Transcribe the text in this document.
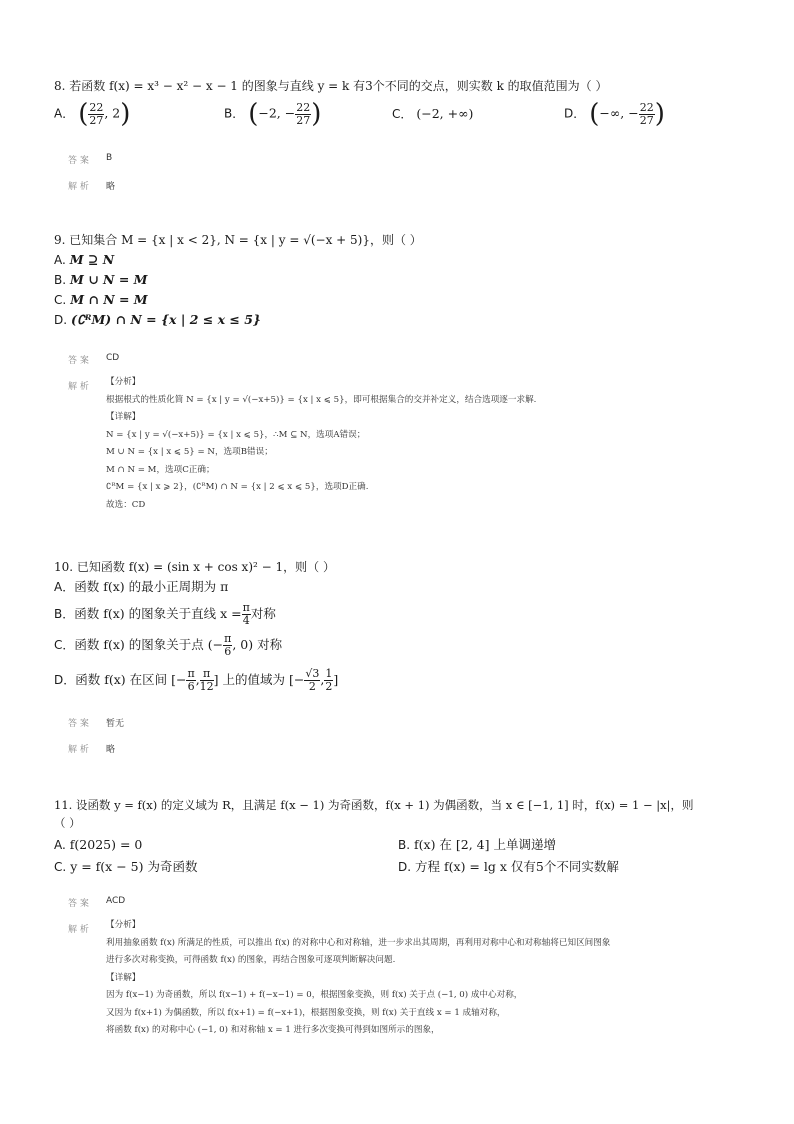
8. 若函数 f(x) = x³ − x² − x − 1 的图象与直线 y = k 有3个不同的交点，则实数 k 的取值范围为（ ）
A． ( $\frac{22}{27}$ , 2)	B． (−2, − $\frac{22}{27}$ )	C． (−2, +∞)	D． (−∞, − $\frac{22}{27}$ )
答 案 B
解 析 略
9. 已知集合 M = {x | x < 2}, N = {x | y = √(−x + 5)}，则（ ）
A. M ⊇ N
B. M ∪ N = M
C. M ∩ N = M
D. (∁ᴿM) ∩ N = {x | 2 ≤ x ≤ 5}
答 案 CD
解 析 【分析】
根据根式的性质化简 N = {x | y = √(−x+5)} = {x | x ⩽ 5}，即可根据集合的交并补定义，结合选项逐一求解.
【详解】
N = {x | y = √(−x+5)} = {x | x ⩽ 5}，∴M ⊆ N，选项A错误；
M ∪ N = {x | x ⩽ 5} = N，选项B错误；
M ∩ N = M，选项C正确；
∁ᴿM = {x | x ⩾ 2}，(∁ᴿM) ∩ N = {x | 2 ⩽ x ⩽ 5}，选项D正确.
故选：CD
10. 已知函数 f(x) = (sin x + cos x)² − 1，则（ ）
A．函数 f(x) 的最小正周期为 π
B． 函数 f(x) 的图象关于直线 $x = \frac{\pi}{4}$ 对称
C． 函数 f(x) 的图象关于点 (− $\frac{\pi}{6}$ , 0) 对称
D． 函数 f(x) 在区间 [− $\frac{\pi}{6}$ , $\frac{\pi}{12}$ ] 上的值域为 [− $\frac{√3}{2}$ , $\frac{1}{2}$ ]
答 案 暂无
解 析 略
11. 设函数 y = f(x) 的定义域为 R，且满足 f(x − 1) 为奇函数，f(x + 1) 为偶函数，当 x ∈ [−1, 1] 时，f(x) = 1 − |x|，则
（ ）
A. f(2025) = 0	B. f(x) 在 [2, 4] 上单调递增
C. y = f(x − 5) 为奇函数	D. 方程 f(x) = lg x 仅有5个不同实数解
答 案 ACD
解 析 【分析】
利用抽象函数 f(x) 所满足的性质，可以推出 f(x) 的对称中心和对称轴，进一步求出其周期，再利用对称中心和对称轴将已知区间图象
进行多次对称变换，可得函数 f(x) 的图象，再结合图象可逐项判断解决问题.
【详解】
因为 f(x−1) 为奇函数，所以 f(x−1) + f(−x−1) = 0，根据图象变换，则 f(x) 关于点 (−1, 0) 成中心对称，
又因为 f(x+1) 为偶函数，所以 f(x+1) = f(−x+1)，根据图象变换，则 f(x) 关于直线 x = 1 成轴对称，
将函数 f(x) 的对称中心 (−1, 0) 和对称轴 x = 1 进行多次变换可得到如图所示的图象，
